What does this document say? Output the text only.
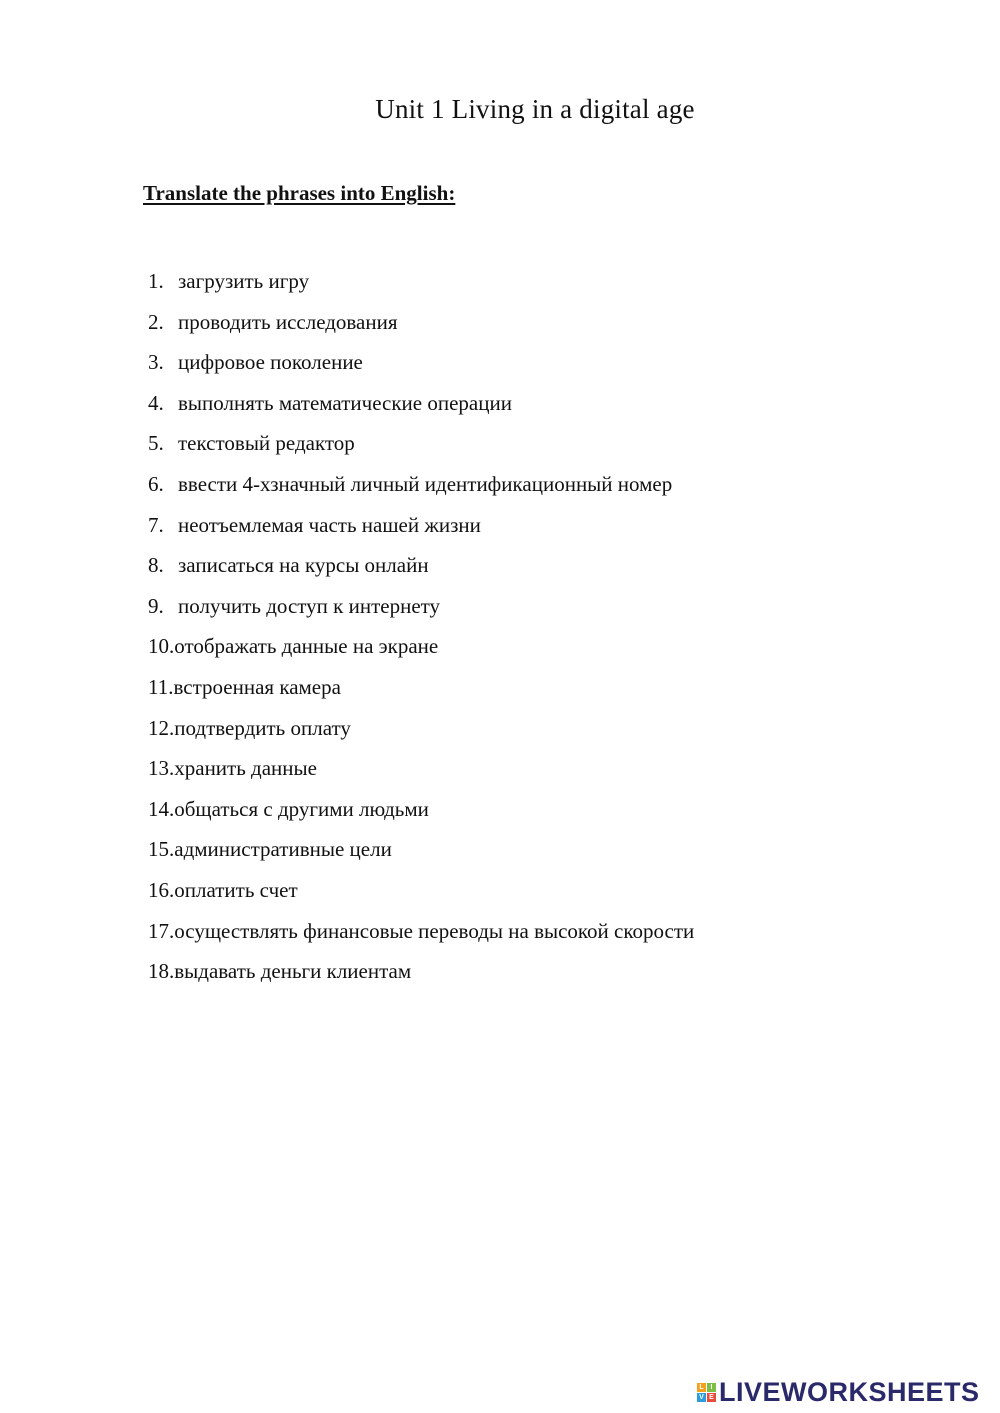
Unit 1 Living in a digital age
Translate the phrases into English:
1. загрузить игру
2. проводить исследования
3. цифровое поколение
4. выполнять математические операции
5. текстовый редактор
6. ввести 4-хзначный личный идентификационный номер
7. неотъемлемая часть нашей жизни
8. записаться на курсы онлайн
9. получить доступ к интернету
10. отображать данные на экране
11. встроенная камера
12. подтвердить оплату
13. хранить данные
14. общаться с другими людьми
15. административные цели
16. оплатить счет
17. осуществлять финансовые переводы на высокой скорости
18. выдавать деньги клиентам
L I
V E LIVEWORKSHEETS
